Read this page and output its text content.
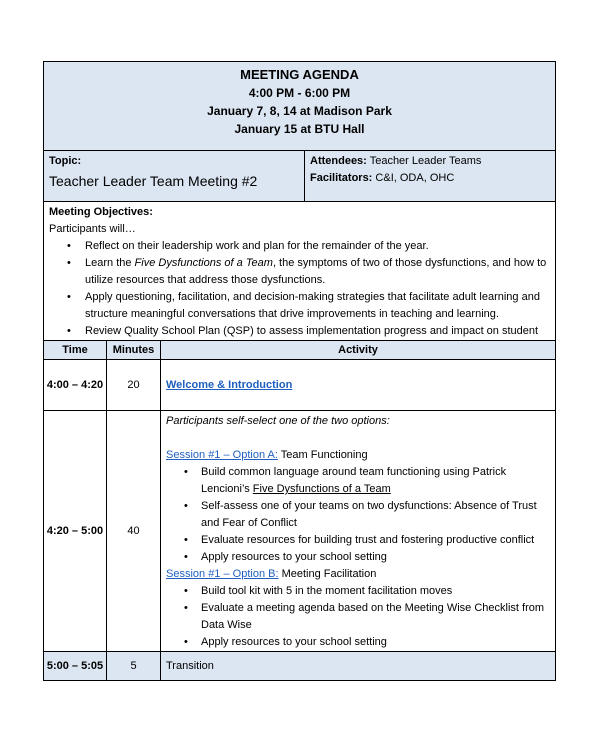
MEETING AGENDA
4:00 PM - 6:00 PM
January 7, 8, 14 at Madison Park
January 15 at BTU Hall
Topic:
Teacher Leader Team Meeting #2
Attendees: Teacher Leader Teams
Facilitators: C&I, ODA, OHC
Meeting Objectives:
Participants will…
• Reflect on their leadership work and plan for the remainder of the year.
• Learn the Five Dysfunctions of a Team, the symptoms of two of those dysfunctions, and how to utilize resources that address those dysfunctions.
• Apply questioning, facilitation, and decision-making strategies that facilitate adult learning and structure meaningful conversations that drive improvements in teaching and learning.
• Review Quality School Plan (QSP) to assess implementation progress and impact on student
Time	Minutes	Activity
4:00 – 4:20	20	Welcome & Introduction
4:20 – 5:00	40
Participants self-select one of the two options:
Session #1 – Option A: Team Functioning
• Build common language around team functioning using Patrick Lencioni’s Five Dysfunctions of a Team
• Self-assess one of your teams on two dysfunctions: Absence of Trust and Fear of Conflict
• Evaluate resources for building trust and fostering productive conflict
• Apply resources to your school setting
Session #1 – Option B: Meeting Facilitation
• Build tool kit with 5 in the moment facilitation moves
• Evaluate a meeting agenda based on the Meeting Wise Checklist from Data Wise
• Apply resources to your school setting
5:00 – 5:05	5	Transition
